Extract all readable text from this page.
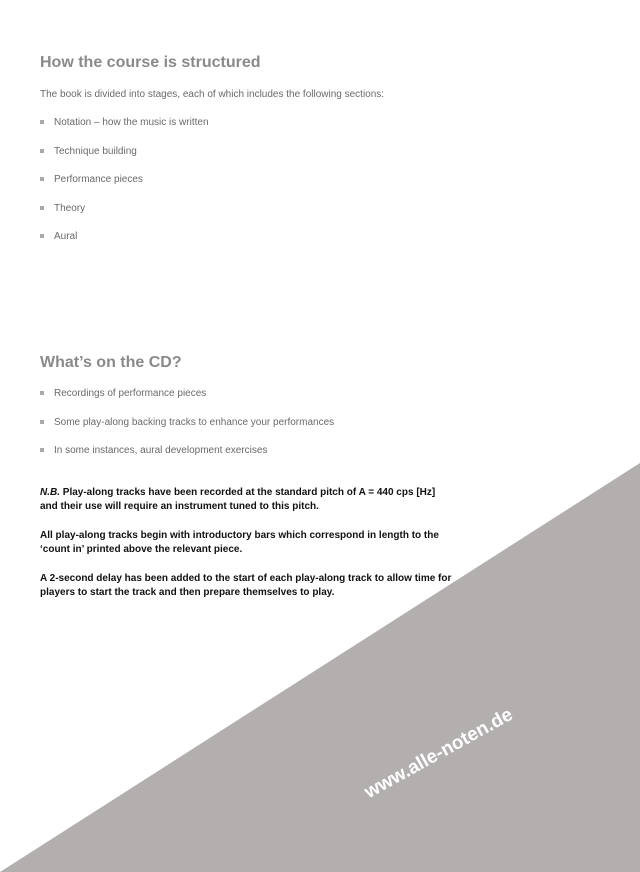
How the course is structured

The book is divided into stages, each of which includes the following sections:

Notation – how the music is written
Technique building
Performance pieces
Theory
Aural
What’s on the CD?
Recordings of performance pieces
Some play-along backing tracks to enhance your performances
In some instances, aural development exercises

N.B. Play-along tracks have been recorded at the standard pitch of A = 440 cps [Hz]
and their use will require an instrument tuned to this pitch.

All play-along tracks begin with introductory bars which correspond in length to the
‘count in’ printed above the relevant piece.

A 2-second delay has been added to the start of each play-along track to allow time for
players to start the track and then prepare themselves to play.

www.alle-noten.de
